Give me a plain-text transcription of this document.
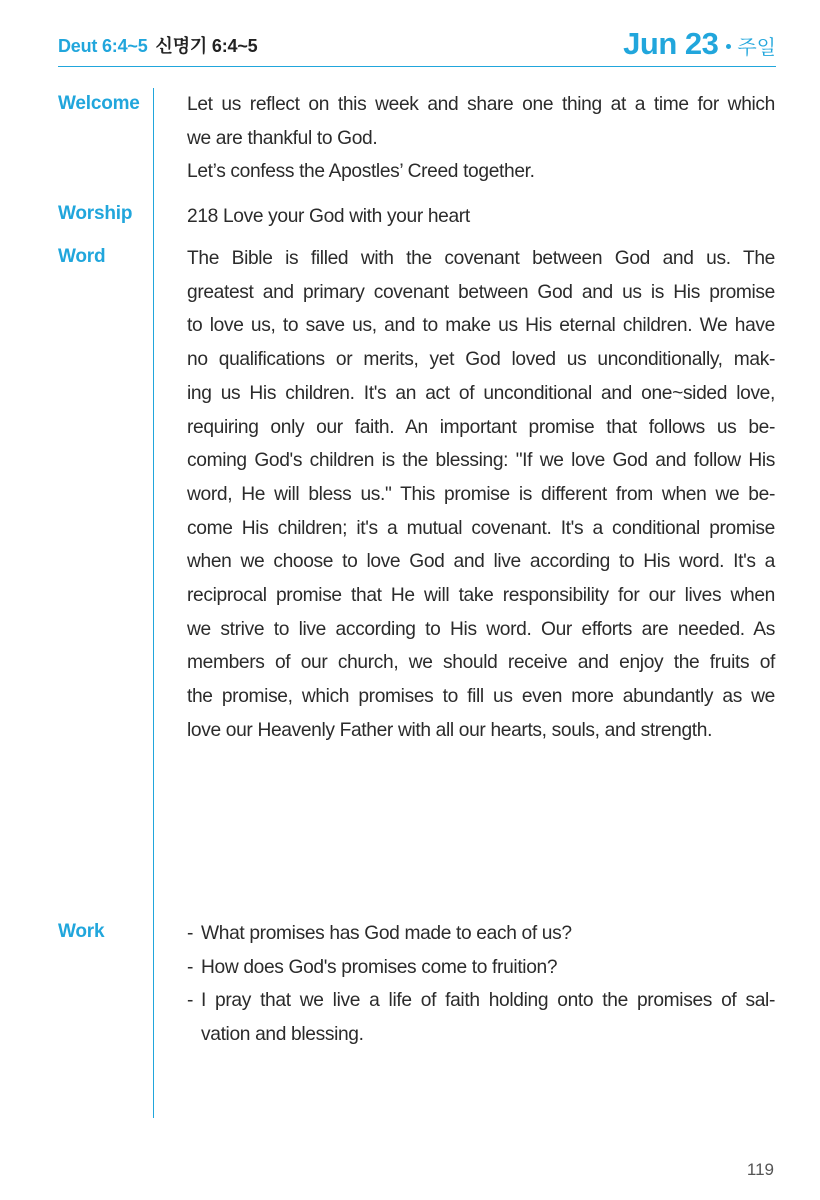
Deut 6:4~5 신명기 6:4~5	Jun 23 주일
Welcome Let us reflect on this week and share one thing at a time for which
we are thankful to God.
Let’s confess the Apostles’ Creed together.
Worship	218 Love your God with your heart
Word	The Bible is filled with the covenant between God and us. The
greatest and primary covenant between God and us is His promise
to love us, to save us, and to make us His eternal children. We have
no qualifications or merits, yet God loved us unconditionally, mak-
ing us His children. It's an act of unconditional and one~sided love,
requiring only our faith. An important promise that follows us be-
coming God's children is the blessing: "If we love God and follow His
word, He will bless us." This promise is different from when we be-
come His children; it's a mutual covenant. It's a conditional promise
when we choose to love God and live according to His word. It's a
reciprocal promise that He will take responsibility for our lives when
we strive to live according to His word. Our efforts are needed. As
members of our church, we should receive and enjoy the fruits of
the promise, which promises to fill us even more abundantly as we
love our Heavenly Father with all our hearts, souls, and strength.
Work	- What promises has God made to each of us?
- How does God's promises come to fruition?
- I pray that we live a life of faith holding onto the promises of sal-
vation and blessing.
119
